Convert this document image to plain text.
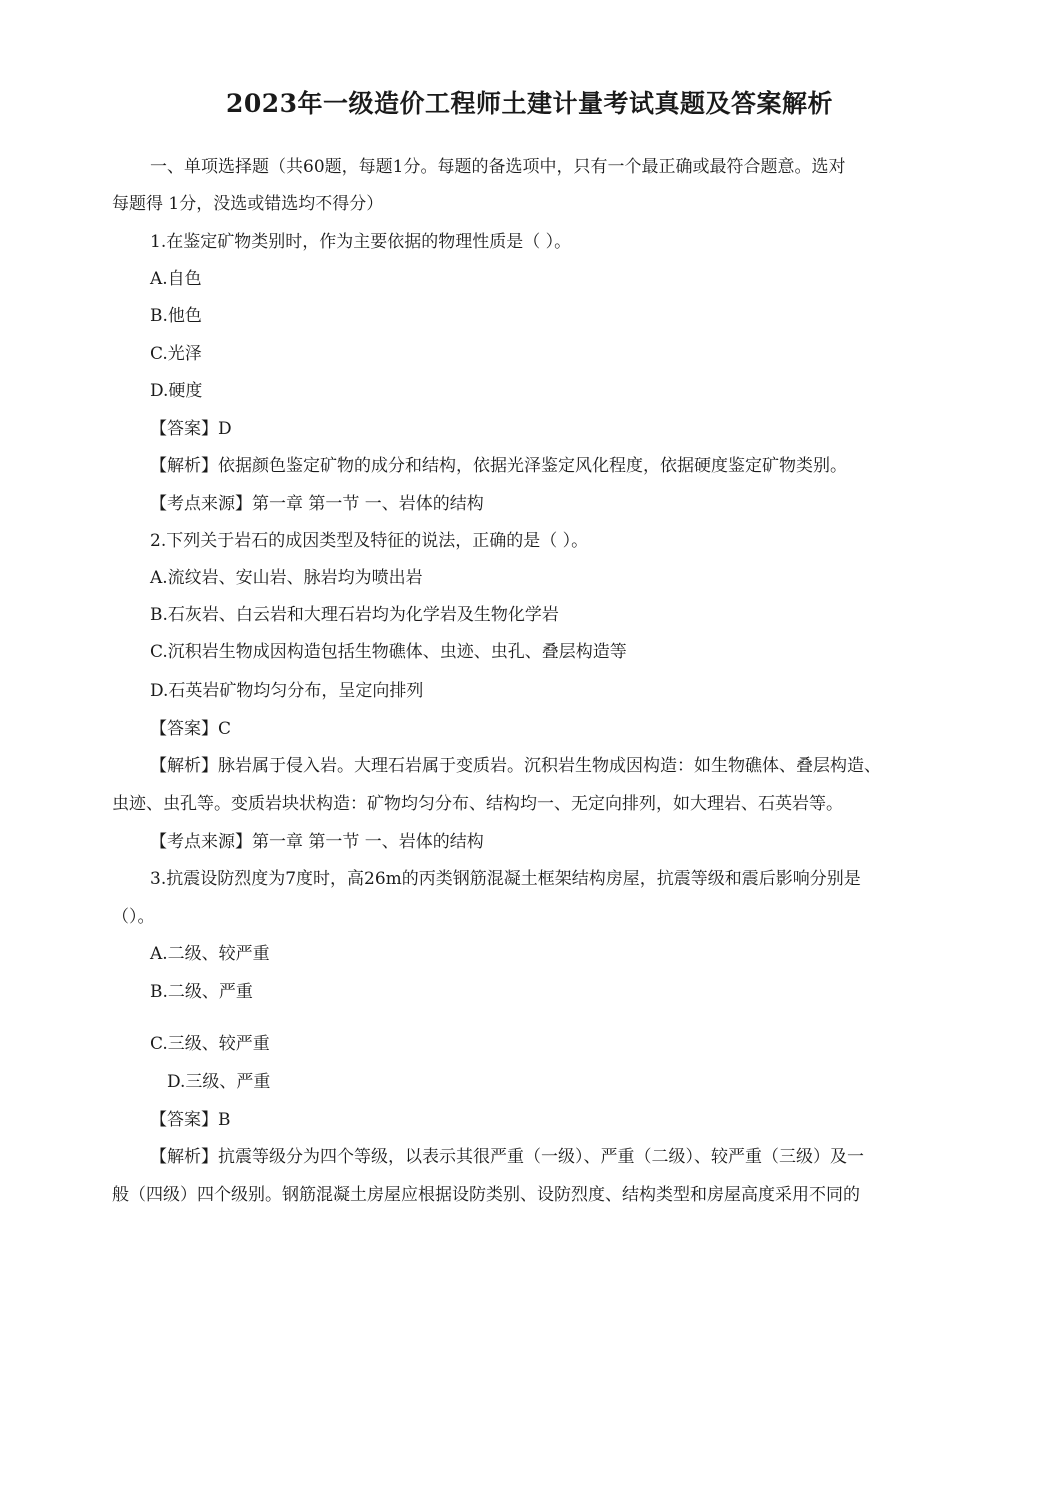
2023年一级造价工程师土建计量考试真题及答案解析

一、单项选择题（共60题，每题1分。每题的备选项中，只有一个最正确或最符合题意。选对

每题得 1分，没选或错选均不得分）

1.在鉴定矿物类别时，作为主要依据的物理性质是（ ）。

A.自色

B.他色

C.光泽

D.硬度

【答案】D

【解析】依据颜色鉴定矿物的成分和结构，依据光泽鉴定风化程度，依据硬度鉴定矿物类别。

【考点来源】第一章 第一节 一、岩体的结构

2.下列关于岩石的成因类型及特征的说法，正确的是（ ）。

A.流纹岩、安山岩、脉岩均为喷出岩

B.石灰岩、白云岩和大理石岩均为化学岩及生物化学岩

C.沉积岩生物成因构造包括生物礁体、虫迹、虫孔、叠层构造等

D.石英岩矿物均匀分布，呈定向排列

【答案】C

【解析】脉岩属于侵入岩。大理石岩属于变质岩。沉积岩生物成因构造：如生物礁体、叠层构造、

虫迹、虫孔等。变质岩块状构造：矿物均匀分布、结构均一、无定向排列，如大理岩、石英岩等。

【考点来源】第一章 第一节 一、岩体的结构

3.抗震设防烈度为7度时，高26m的丙类钢筋混凝土框架结构房屋，抗震等级和震后影响分别是

（）。

A.二级、较严重

B.二级、严重

C.三级、较严重

D.三级、严重

【答案】B

【解析】抗震等级分为四个等级，以表示其很严重（一级）、严重（二级）、较严重（三级）及一

般（四级）四个级别。钢筋混凝土房屋应根据设防类别、设防烈度、结构类型和房屋高度采用不同的
